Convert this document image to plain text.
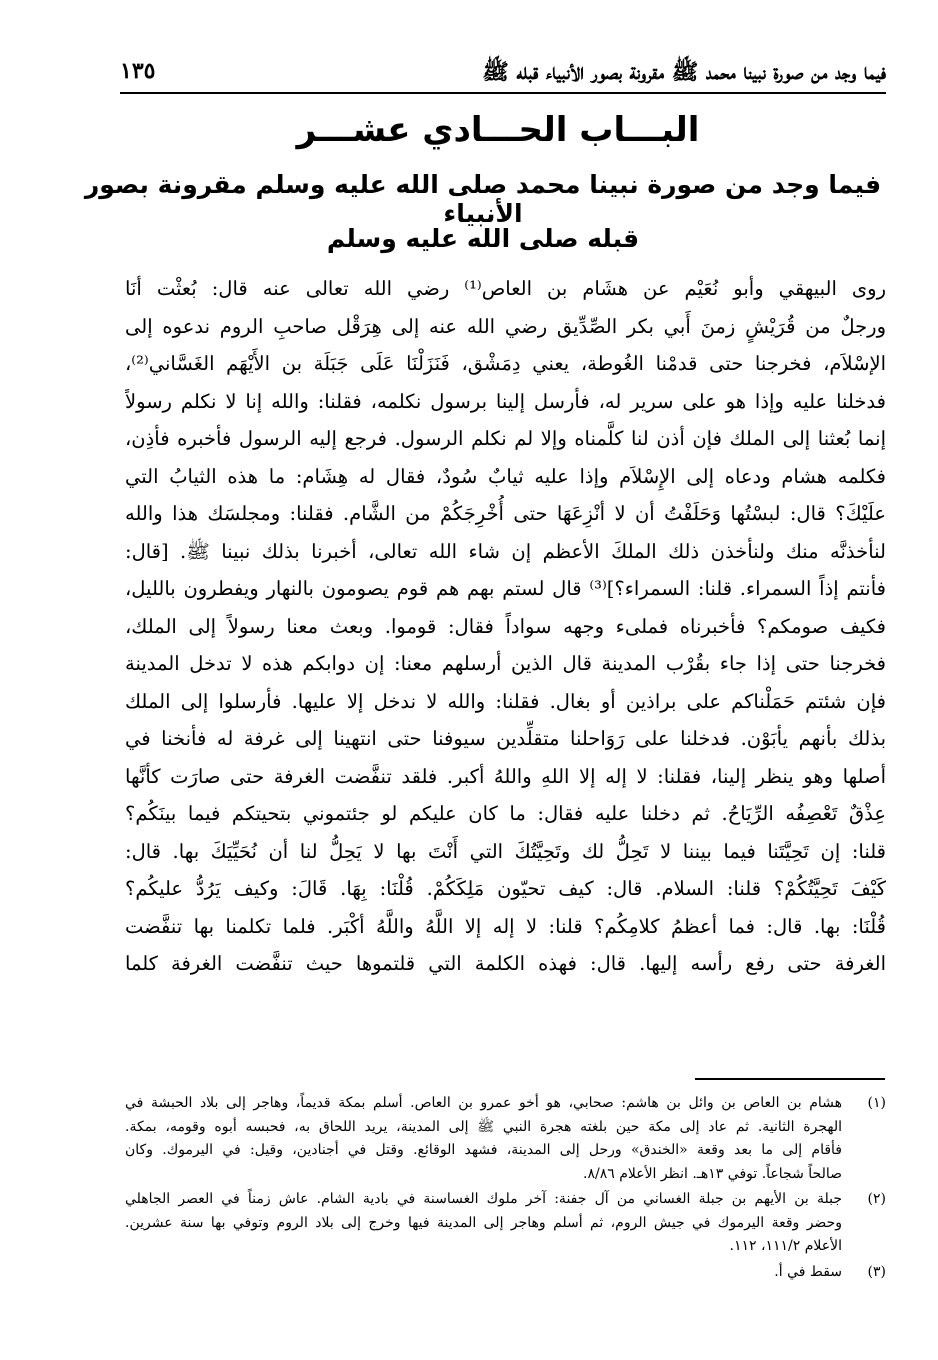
فيما وجد من صورة نبينا محمد ﷺ مقرونة بصور الأنبياء قبله ﷺ
١٣٥
البـــاب الحـــادي عشـــر
فيما وجد من صورة نبينا محمد صلى الله عليه وسلم مقرونة بصور الأنبياء
قبله صلى الله عليه وسلم
روى البيهقي وأبو نُعَيْم عن هشَام بن العاص⁽¹⁾ رضي الله تعالى عنه قال: بُعثْت أنَا
ورجلٌ من قُرَيْشٍ زمنَ أَبي بكر الصِّدِّيق رضي الله عنه إلى هِرَقْل صاحبِ الروم ندعوه إلى
الإسْلاَم، فخرجنا حتى قدمْنا الغُوطة، يعني دِمَشْق، فَنَزَلْنَا عَلَى جَبَلَة بن الأَيْهَم الغَسَّاني⁽²⁾،
فدخلنا عليه وإذا هو على سرير له، فأرسل إلينا برسول نكلمه، فقلنا: والله إنا لا نكلم رسولاً
إنما بُعثنا إلى الملك فإن أذن لنا كلَّمناه وإلا لم نكلم الرسول. فرجع إليه الرسول فأخبره فأذِن،
فكلمه هشام ودعاه إلى الإِسْلاَم وإذا عليه ثيابٌ سُودٌ، فقال له هِشَام: ما هذه الثيابُ التي
علَيْكَ؟ قال: لبسْتُها وَحَلَفْتُ أن لا أنْزِعَهَا حتى أُخْرِجَكُمْ من الشَّام. فقلنا: ومجلسَك هذا والله
لنأخذنَّه منك ولنأخذن ذلك الملكَ الأعظم إن شاء الله تعالى، أخبرنا بذلك نبينا ﷺ. [قال:
فأنتم إذاً السمراء. قلنا: السمراء؟]⁽³⁾ قال لستم بهم هم قوم يصومون بالنهار ويفطرون بالليل،
فكيف صومكم؟ فأخبرناه فملىء وجهه سواداً فقال: قوموا. وبعث معنا رسولاً إلى الملك،
فخرجنا حتى إذا جاء بقُرْب المدينة قال الذين أرسلهم معنا: إن دوابكم هذه لا تدخل المدينة
فإن شئتم حَمَلْناكم على براذين أو بغال. فقلنا: والله لا ندخل إلا عليها. فأرسلوا إلى الملك
بذلك بأنهم يأبَوْن. فدخلنا على رَوَاحلنا متقلِّدين سيوفنا حتى انتهينا إلى غرفة له فأنخنا في
أصلها وهو ينظر إلينا، فقلنا: لا إله إلا اللهِ واللهُ أكبر. فلقد تنفَّضت الغرفة حتى صارَت كأنَّها
عِذْقٌ تَعْصِفُه الرِّيَاحُ. ثم دخلنا عليه فقال: ما كان عليكم لو جئتموني بتحيتكم فيما بينَكُم؟
قلنا: إن تَحِيَّتَنا فيما بيننا لا تَحِلُّ لك وتَحِيَّتُكَ التي أَنْتَ بها لا يَحِلُّ لنا أن نُحَيِّيَكَ بها. قال:
كَيْفَ تَحِيَّتُكُمْ؟ قلنا: السلام. قال: كيف تحيّون مَلِكَكُمْ. قُلْنَا: بِهَا. قَالَ: وكيف يَرُدُّ عليكُم؟
قُلْنَا: بها. قال: فما أعظمُ كلامِكُم؟ قلنا: لا إله إلا اللَّهُ واللَّهُ أكْبَر. فلما تكلمنا بها تنفَّضت
الغرفة حتى رفع رأسه إليها. قال: فهذه الكلمة التي قلتموها حيث تنفَّضت الغرفة كلما
(١)
هشام بن العاص بن وائل بن هاشم: صحابي، هو أخو عمرو بن العاص. أسلم بمكة قديماً، وهاجر إلى بلاد الحبشة في
الهجرة الثانية. ثم عاد إلى مكة حين بلغته هجرة النبي ﷺ إلى المدينة، يريد اللحاق به، فحبسه أبوه وقومه، بمكة.
فأقام إلى ما بعد وقعة «الخندق» ورحل إلى المدينة، فشهد الوقائع. وقتل في أجنادين، وقيل: في اليرموك. وكان
صالحاً شجاعاً. توفي ١٣هـ. انظر الأعلام ٨/٨٦.
(٢)
جبلة بن الأيهم بن جبلة الغساني من آل جفنة: آخر ملوك الغساسنة في بادية الشام. عاش زمناً في العصر الجاهلي
وحضر وقعة اليرموك في جيش الروم، ثم أسلم وهاجر إلى المدينة فيها وخرج إلى بلاد الروم وتوفي بها سنة عشرين.
الأعلام ١١١/٢، ١١٢.
(٣)
سقط في أ.
